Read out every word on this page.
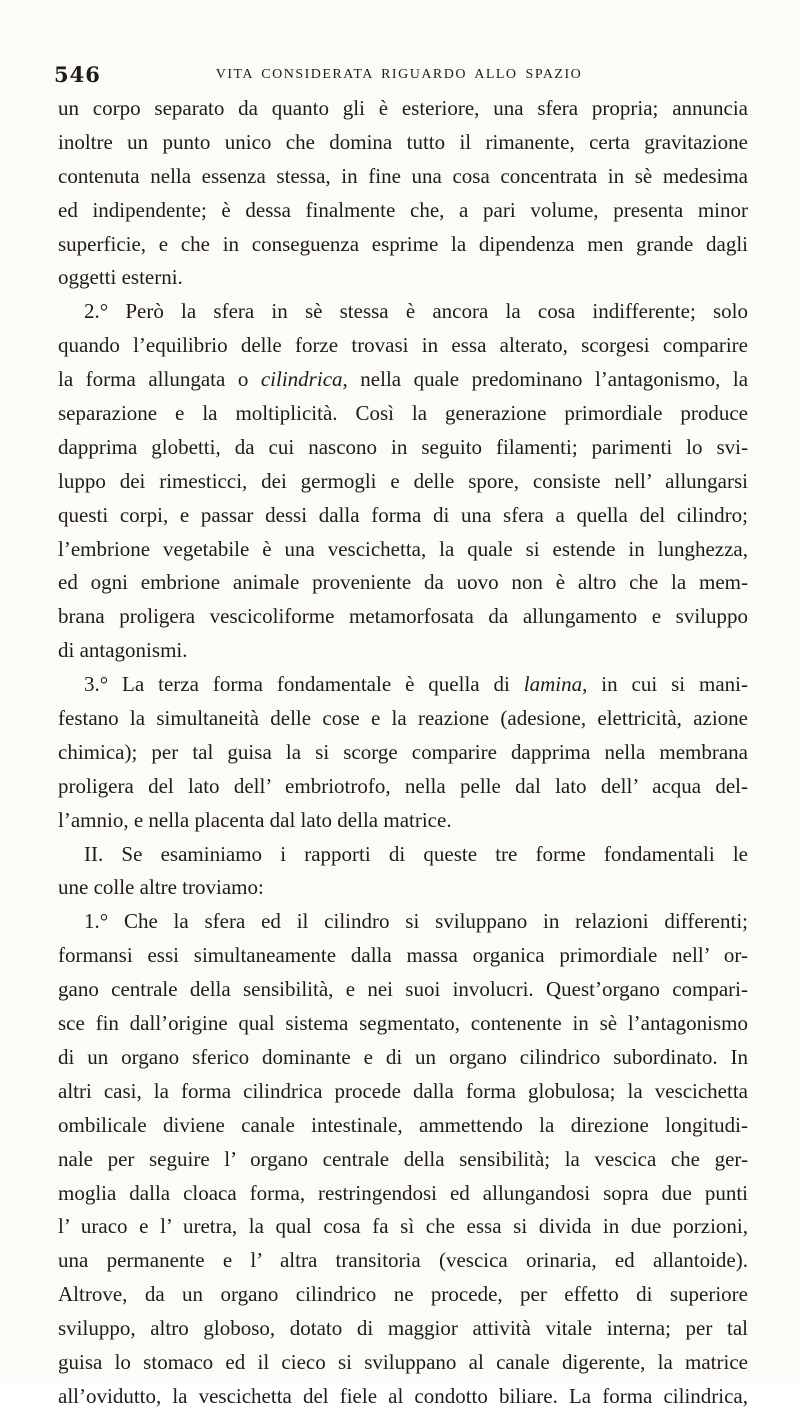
546	VITA CONSIDERATA RIGUARDO ALLO SPAZIO
un corpo separato da quanto gli è esteriore, una sfera propria; annuncia
inoltre un punto unico che domina tutto il rimanente, certa gravitazione
contenuta nella essenza stessa, in fine una cosa concentrata in sè medesima
ed indipendente; è dessa finalmente che, a pari volume, presenta minor
superficie, e che in conseguenza esprime la dipendenza men grande dagli
oggetti esterni.
2.° Però la sfera in sè stessa è ancora la cosa indifferente; solo
quando l’equilibrio delle forze trovasi in essa alterato, scorgesi comparire
la forma allungata o cilindrica, nella quale predominano l’antagonismo, la
separazione e la moltiplicità. Così la generazione primordiale produce
dapprima globetti, da cui nascono in seguito filamenti; parimenti lo svi-
luppo dei rimesticci, dei germogli e delle spore, consiste nell’ allungarsi
questi corpi, e passar dessi dalla forma di una sfera a quella del cilindro;
l’embrione vegetabile è una vescichetta, la quale si estende in lunghezza,
ed ogni embrione animale proveniente da uovo non è altro che la mem-
brana proligera vescicoliforme metamorfosata da allungamento e sviluppo
di antagonismi.
3.° La terza forma fondamentale è quella di lamina, in cui si mani-
festano la simultaneità delle cose e la reazione (adesione, elettricità, azione
chimica); per tal guisa la si scorge comparire dapprima nella membrana
proligera del lato dell’ embriotrofo, nella pelle dal lato dell’ acqua del-
l’amnio, e nella placenta dal lato della matrice.
II. Se esaminiamo i rapporti di queste tre forme fondamentali le
une colle altre troviamo:
1.° Che la sfera ed il cilindro si sviluppano in relazioni differenti;
formansi essi simultaneamente dalla massa organica primordiale nell’ or-
gano centrale della sensibilità, e nei suoi involucri. Quest’organo compari-
sce fin dall’origine qual sistema segmentato, contenente in sè l’antagonismo
di un organo sferico dominante e di un organo cilindrico subordinato. In
altri casi, la forma cilindrica procede dalla forma globulosa; la vescichetta
ombilicale diviene canale intestinale, ammettendo la direzione longitudi-
nale per seguire l’ organo centrale della sensibilità; la vescica che ger-
moglia dalla cloaca forma, restringendosi ed allungandosi sopra due punti
l’ uraco e l’ uretra, la qual cosa fa sì che essa si divida in due porzioni,
una permanente e l’ altra transitoria (vescica orinaria, ed allantoide).
Altrove, da un organo cilindrico ne procede, per effetto di superiore
sviluppo, altro globoso, dotato di maggior attività vitale interna; per tal
guisa lo stomaco ed il cieco si sviluppano al canale digerente, la matrice
all’ovidutto, la vescichetta del fiele al condotto biliare. La forma cilindrica,
